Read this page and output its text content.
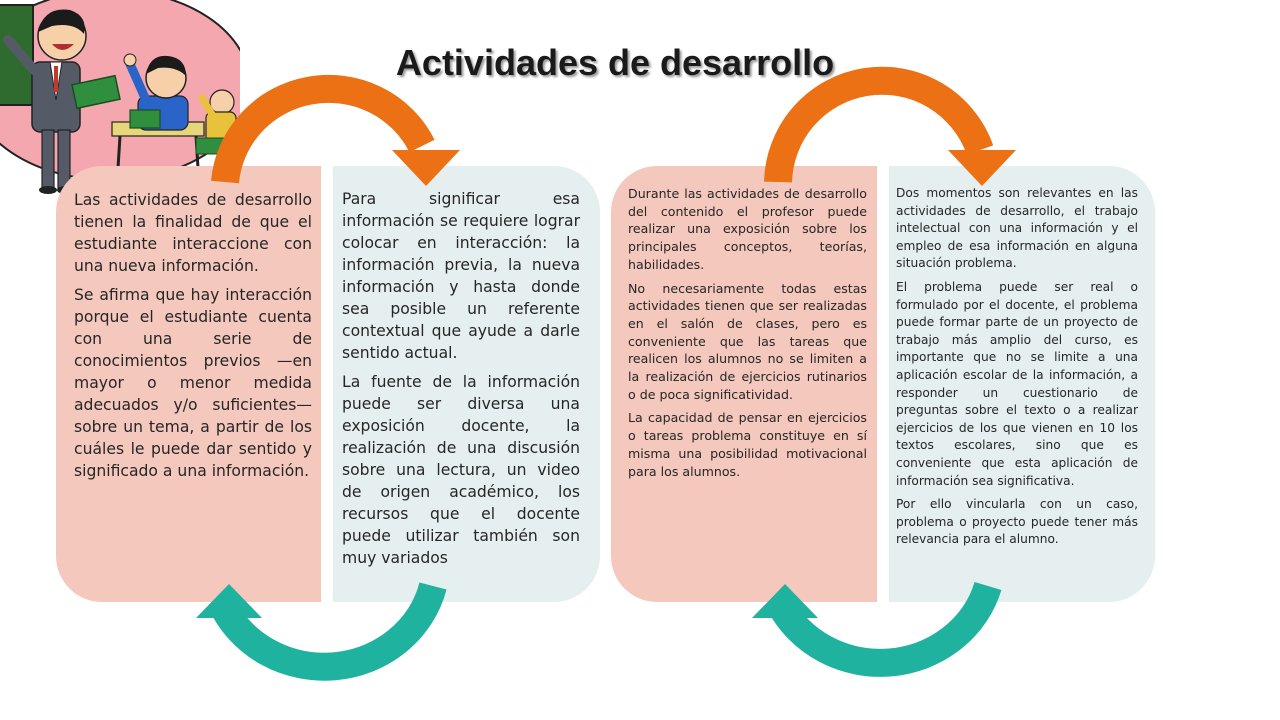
Actividades de desarrollo

Las actividades de desarrollo tienen la finalidad de que el estudiante interaccione con una nueva información.

Se afirma que hay interacción porque el estudiante cuenta con una serie de conocimientos previos —en mayor o menor medida adecuados y/o suficientes— sobre un tema, a partir de los cuáles le puede dar sentido y significado a una información.

Para significar esa información se requiere lograr colocar en interacción: la información previa, la nueva información y hasta donde sea posible un referente contextual que ayude a darle sentido actual.

La fuente de la información puede ser diversa una exposición docente, la realización de una discusión sobre una lectura, un video de origen académico, los recursos que el docente puede utilizar también son muy variados

Durante las actividades de desarrollo del contenido el profesor puede realizar una exposición sobre los principales conceptos, teorías, habilidades.

No necesariamente todas estas actividades tienen que ser realizadas en el salón de clases, pero es conveniente que las tareas que realicen los alumnos no se limiten a la realización de ejercicios rutinarios o de poca significatividad.

La capacidad de pensar en ejercicios o tareas problema constituye en sí misma una posibilidad motivacional para los alumnos.

Dos momentos son relevantes en las actividades de desarrollo, el trabajo intelectual con una información y el empleo de esa información en alguna situación problema.

El problema puede ser real o formulado por el docente, el problema puede formar parte de un proyecto de trabajo más amplio del curso, es importante que no se limite a una aplicación escolar de la información, a responder un cuestionario de preguntas sobre el texto o a realizar ejercicios de los que vienen en 10 los textos escolares, sino que es conveniente que esta aplicación de información sea significativa.

Por ello vincularla con un caso, problema o proyecto puede tener más relevancia para el alumno.
